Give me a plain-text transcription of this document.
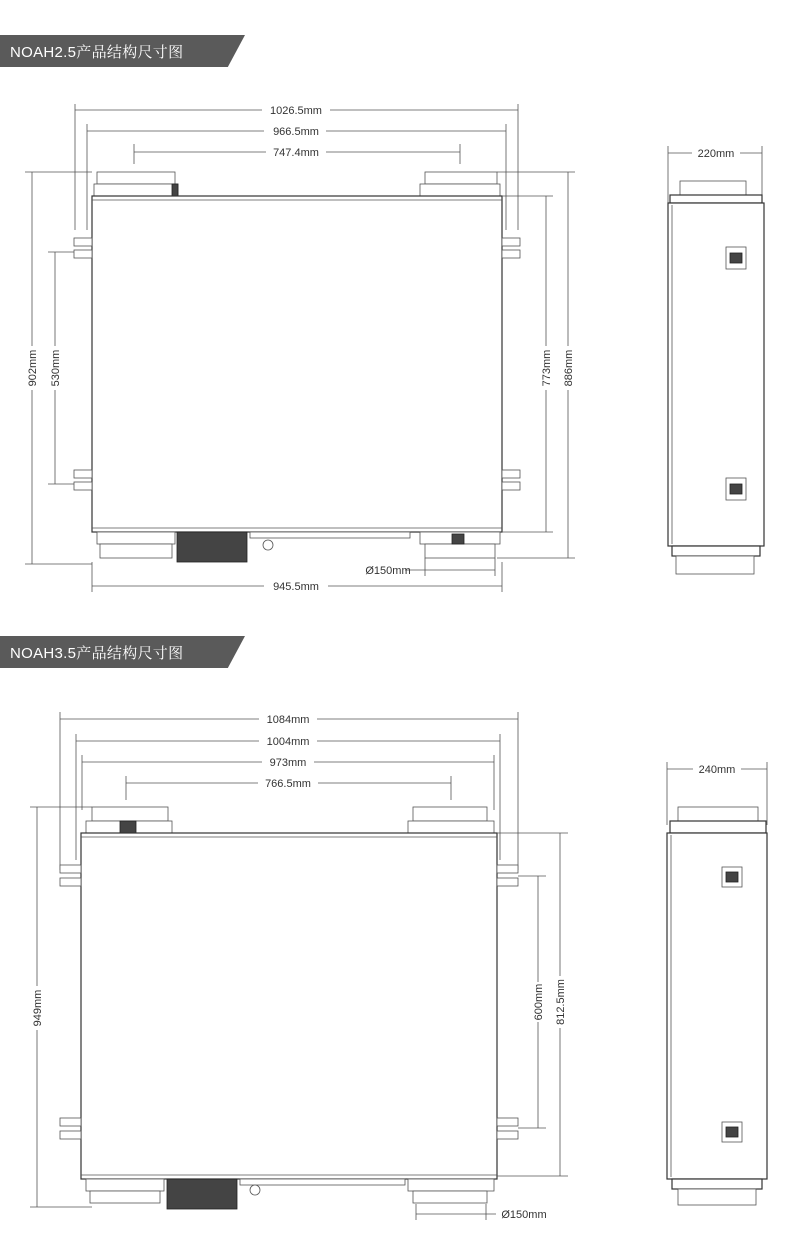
NOAH2.5产品结构尺寸图
1026.5mm
966.5mm
747.4mm
902mm 530mm	773mm 886mm
Ø150mm
945.5mm
220mm
NOAH3.5产品结构尺寸图
1084mm
1004mm
973mm
766.5mm
949mm	600mm 812.5mm
Ø150mm
240mm
